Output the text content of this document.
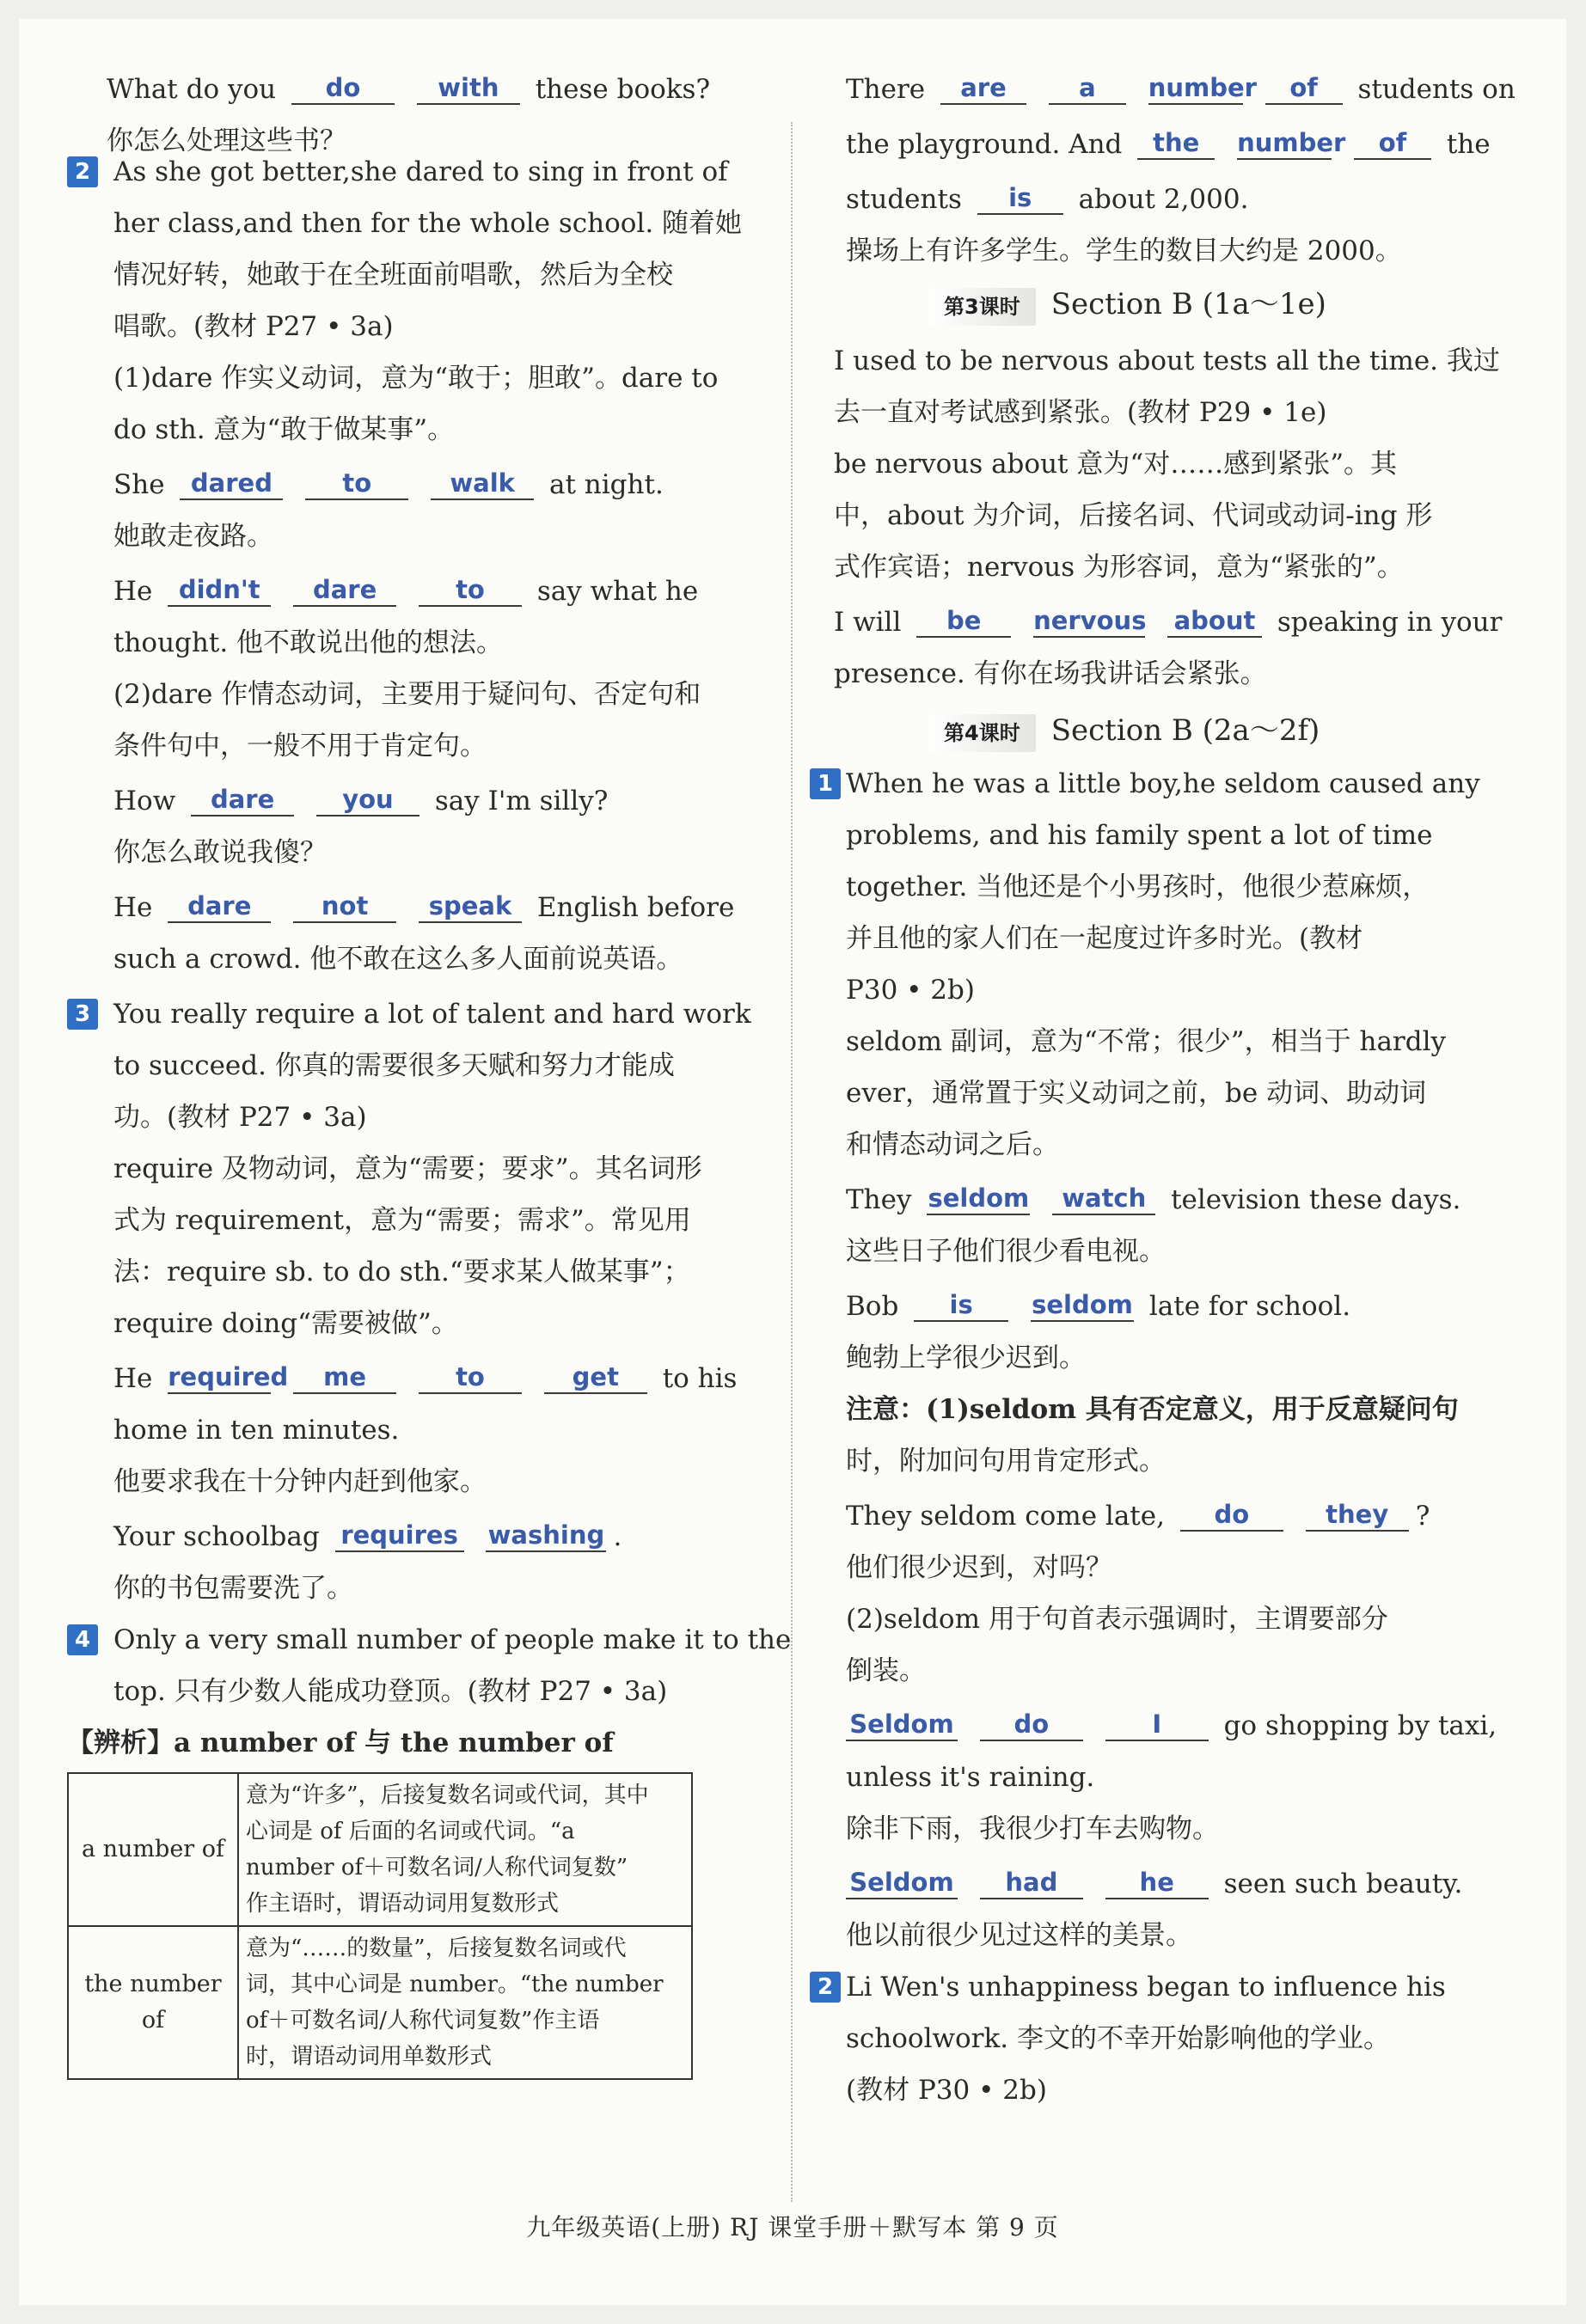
What do you do	with these books?
你怎么处理这些书？
2 As she got better,she dared to sing in front of
her class,and then for the whole school. 随着她
情况好转，她敢于在全班面前唱歌，然后为全校
唱歌。(教材 P27 • 3a)
(1)dare 作实义动词，意为“敢于；胆敢”。dare to
do sth. 意为“敢于做某事”。
She dared	to	walk at night.
她敢走夜路。
He didn't dare	to say what he
thought. 他不敢说出他的想法。
(2)dare 作情态动词，主要用于疑问句、否定句和
条件句中，一般不用于肯定句。
How dare	you say I'm silly?
你怎么敢说我傻？
He dare	not speak English before
such a crowd. 他不敢在这么多人面前说英语。
3 You really require a lot of talent and hard work
to succeed. 你真的需要很多天赋和努力才能成
功。(教材 P27 • 3a)
require 及物动词，意为“需要；要求”。其名词形
式为 requirement，意为“需要；需求”。常见用
法：require sb. to do sth.“要求某人做某事”；
require doing“需要被做”。
He required me	to	get to his
home in ten minutes.
他要求我在十分钟内赶到他家。
Your schoolbag requires washing .
你的书包需要洗了。
4 Only a very small number of people make it to the
top. 只有少数人能成功登顶。(教材 P27 • 3a)
【辨析】a number of 与 the number of
a number of	意为“许多”，后接复数名词或代词，其中
心词是 of 后面的名词或代词。“a
number of＋可数名词/人称代词复数”
作主语时，谓语动词用复数形式

the number of	意为“……的数量”，后接复数名词或代
词，其中心词是 number。“the number
of＋可数名词/人称代词复数”作主语
时，谓语动词用单数形式
There are	a number of students on
the playground. And the number of the
students is about 2,000.
操场上有许多学生。学生的数目大约是 2000。
第3课时 Section B (1a～1e)
I used to be nervous about tests all the time. 我过
去一直对考试感到紧张。(教材 P29 • 1e)
be nervous about 意为“对……感到紧张”。其
中，about 为介词，后接名词、代词或动词-ing 形
式作宾语；nervous 为形容词，意为“紧张的”。
I will be nervous about speaking in your
presence. 有你在场我讲话会紧张。
第4课时 Section B (2a～2f)
1 When he was a little boy,he seldom caused any
problems, and his family spent a lot of time
together. 当他还是个小男孩时，他很少惹麻烦，
并且他的家人们在一起度过许多时光。(教材
P30 • 2b)
seldom 副词，意为“不常；很少”，相当于 hardly
ever，通常置于实义动词之前，be 动词、助动词
和情态动词之后。
They seldom watch television these days.
这些日子他们很少看电视。
Bob is seldom late for school.
鲍勃上学很少迟到。
注意：(1)seldom 具有否定意义，用于反意疑问句
时，附加问句用肯定形式。
They seldom come late, do	they ?
他们很少迟到，对吗？
(2)seldom 用于句首表示强调时，主谓要部分
倒装。
Seldom do	I go shopping by taxi,
unless it's raining.
除非下雨，我很少打车去购物。
Seldom had	he seen such beauty.
他以前很少见过这样的美景。
2 Li Wen's unhappiness began to influence his
schoolwork. 李文的不幸开始影响他的学业。
(教材 P30 • 2b)
九年级英语(上册) RJ 课堂手册＋默写本 第 9 页
